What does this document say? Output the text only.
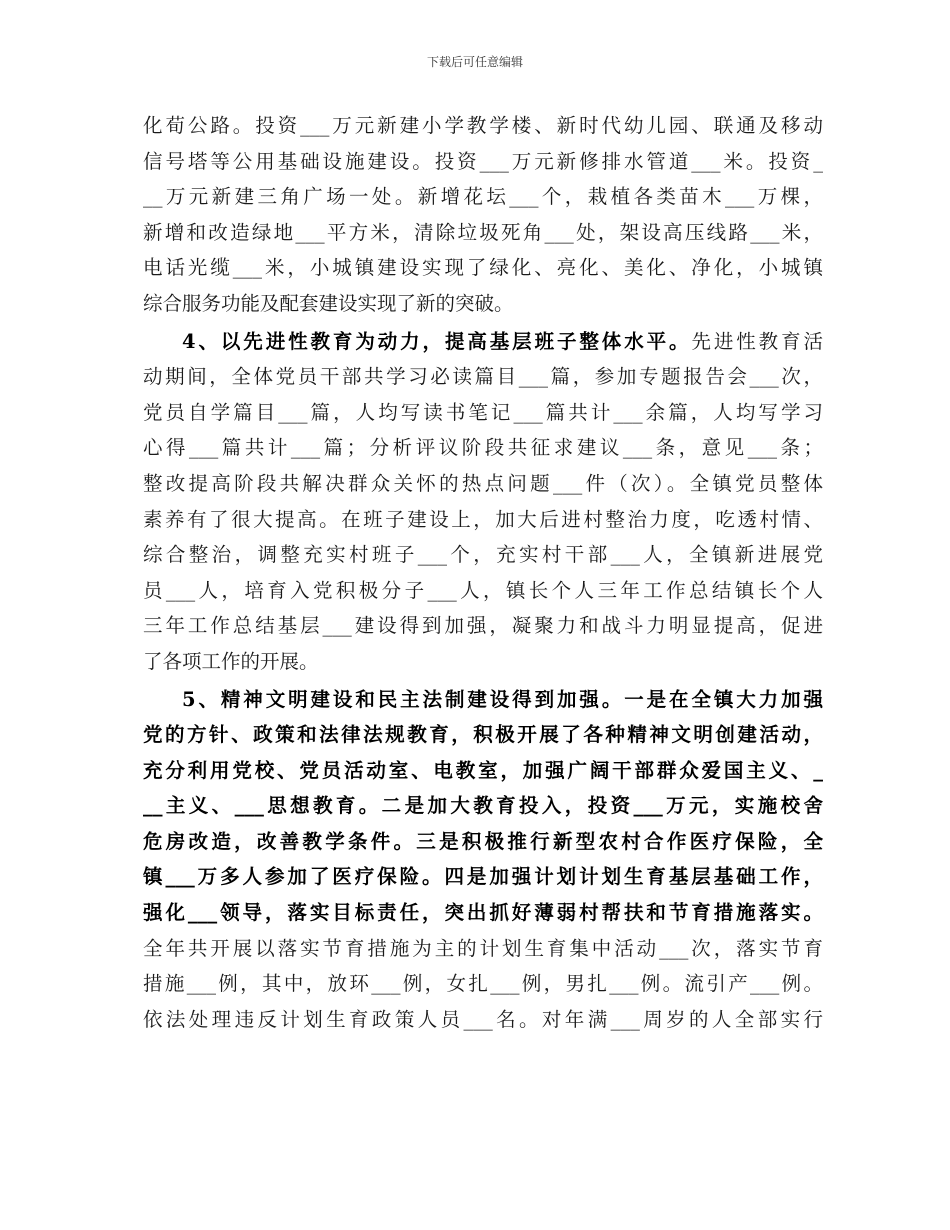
下载后可任意编辑
化荀公路。投资___万元新建小学教学楼、新时代幼儿园、联通及移动
信号塔等公用基础设施建设。投资___万元新修排水管道___米。投资_
__万元新建三角广场一处。新增花坛___个，栽植各类苗木___万棵，
新增和改造绿地___平方米，清除垃圾死角___处，架设高压线路___米，
电话光缆___米，小城镇建设实现了绿化、亮化、美化、净化，小城镇
综合服务功能及配套建设实现了新的突破。
4、以先进性教育为动力，提高基层班子整体水平。先进性教育活
动期间，全体党员干部共学习必读篇目___篇，参加专题报告会___次，
党员自学篇目___篇，人均写读书笔记___篇共计___余篇，人均写学习
心得___篇共计___篇；分析评议阶段共征求建议___条，意见___条；
整改提高阶段共解决群众关怀的热点问题___件（次）。全镇党员整体
素养有了很大提高。在班子建设上，加大后进村整治力度，吃透村情、
综合整治，调整充实村班子___个，充实村干部___人，全镇新进展党
员___人，培育入党积极分子___人，镇长个人三年工作总结镇长个人
三年工作总结基层___建设得到加强，凝聚力和战斗力明显提高，促进
了各项工作的开展。
5、精神文明建设和民主法制建设得到加强。一是在全镇大力加强
党的方针、政策和法律法规教育，积极开展了各种精神文明创建活动，
充分利用党校、党员活动室、电教室，加强广阔干部群众爱国主义、_
__主义、___思想教育。二是加大教育投入，投资___万元，实施校舍
危房改造，改善教学条件。三是积极推行新型农村合作医疗保险，全
镇___万多人参加了医疗保险。四是加强计划计划生育基层基础工作，
强化___领导，落实目标责任，突出抓好薄弱村帮扶和节育措施落实。
全年共开展以落实节育措施为主的计划生育集中活动___次，落实节育
措施___例，其中，放环___例，女扎___例，男扎___例。流引产___例。
依法处理违反计划生育政策人员___名。对年满___周岁的人全部实行
